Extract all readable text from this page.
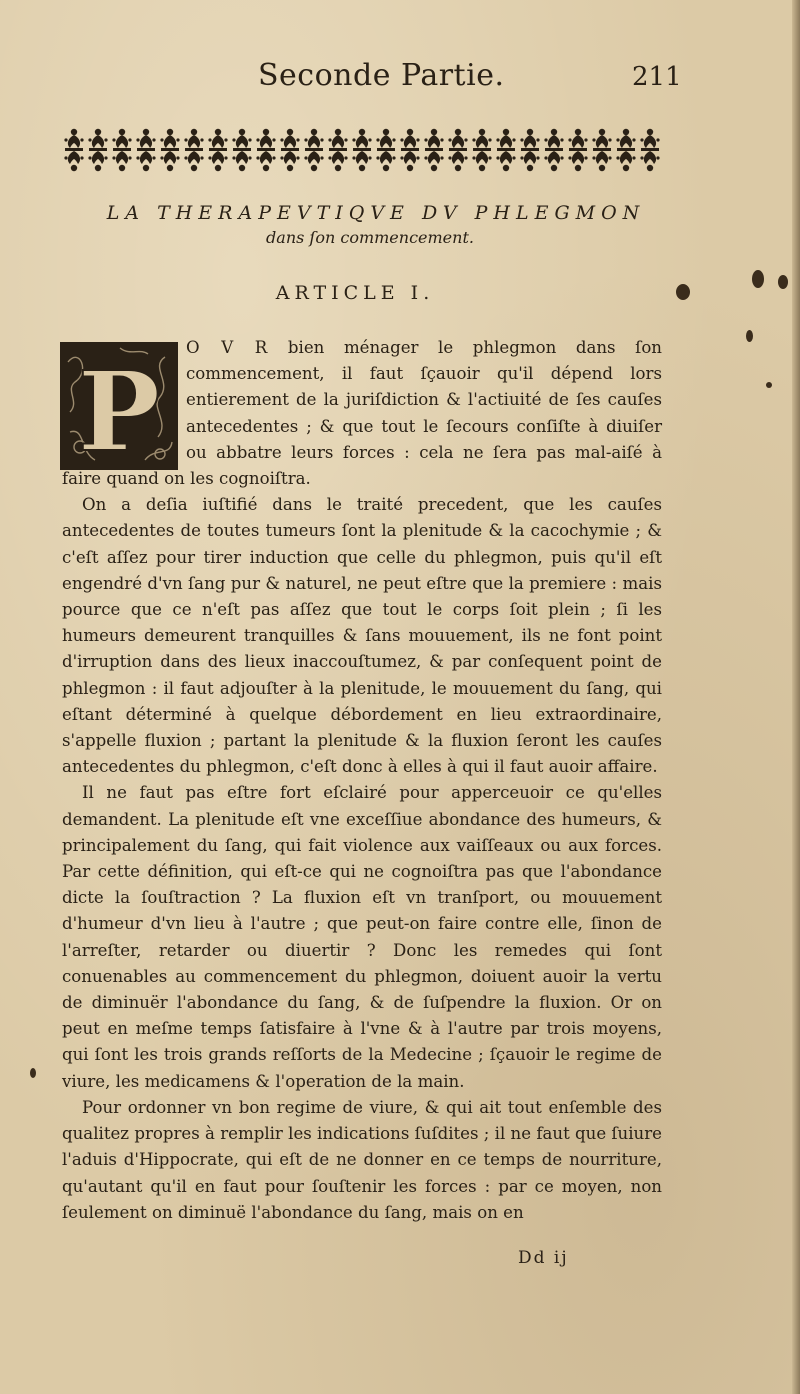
Seconde Partie.	211
LA THERAPEVTIQVE DV PHLEGMON
dans ſon commencement.
ARTICLE I.
P	O V R bien ménager le phlegmon dans ſon commencement, il faut ſçauoir qu'il dépend lors entierement de la juriſdiction & l'actiuité de ſes cauſes antecedentes ; & que tout le ſecours conſiſte à diuiſer ou abbatre leurs forces : cela ne ſera pas mal-aiſé à faire quand on les cognoiſtra.

On a deſia iuſtifié dans le traité precedent, que les cauſes antecedentes de toutes tumeurs ſont la plenitude & la cacochymie ; & c'eſt aſſez pour tirer induction que celle du phlegmon, puis qu'il eſt engendré d'vn ſang pur & naturel, ne peut eſtre que la premiere : mais pource que ce n'eſt pas aſſez que tout le corps ſoit plein ; ſi les humeurs demeurent tranquilles & ſans mouuement, ils ne font point d'irruption dans des lieux inaccouſtumez, & par conſequent point de phlegmon : il faut adjouſter à la plenitude, le mouuement du ſang, qui eſtant déterminé à quelque débordement en lieu extraordinaire, s'appelle fluxion ; partant la plenitude & la fluxion ſeront les cauſes antecedentes du phlegmon, c'eſt donc à elles à qui il faut auoir affaire.

Il ne faut pas eſtre fort eſclairé pour apperceuoir ce qu'elles demandent. La plenitude eſt vne exceſſiue abondance des humeurs, & principalement du ſang, qui fait violence aux vaiſſeaux ou aux forces. Par cette définition, qui eſt-ce qui ne cognoiſtra pas que l'abondance dicte la ſouſtraction ? La fluxion eſt vn tranſport, ou mouuement d'humeur d'vn lieu à l'autre ; que peut-on faire contre elle, ſinon de l'arreſter, retarder ou diuertir ? Donc les remedes qui ſont conuenables au commencement du phlegmon, doiuent auoir la vertu de diminuër l'abondance du ſang, & de ſuſpendre la fluxion. Or on peut en meſme temps ſatisfaire à l'vne & à l'autre par trois moyens, qui ſont les trois grands reſſorts de la Medecine ; ſçauoir le regime de viure, les medicamens & l'operation de la main.

Pour ordonner vn bon regime de viure, & qui ait tout enſemble des qualitez propres à remplir les indications ſuſdites ; il ne faut que ſuiure l'aduis d'Hippocrate, qui eſt de ne donner en ce temps de nourriture, qu'autant qu'il en faut pour ſouſtenir les forces : par ce moyen, non ſeulement on diminuë l'abondance du ſang, mais on en

Dd ij
